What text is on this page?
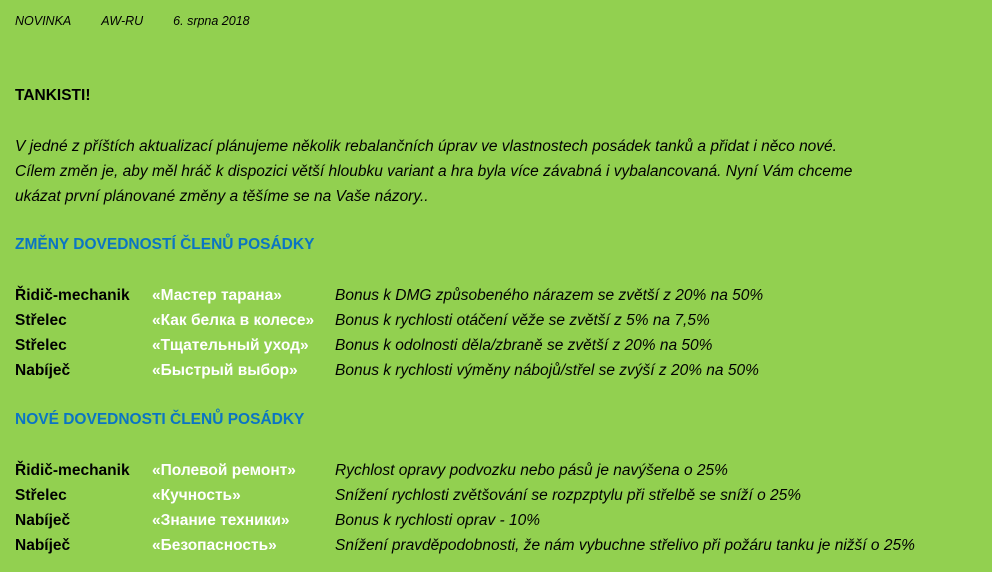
NOVINKA AW-RU 6. srpna 2018
TANKISTI!
V jedné z příštích aktualizací plánujeme několik rebalančních úprav ve vlastnostech posádek tanků a přidat i něco nové.
Cílem změn je, aby měl hráč k dispozici větší hloubku variant a hra byla více závabná i vybalancovaná. Nyní Vám chceme
ukázat první plánované změny a těšíme se na Vaše názory..
ZMĚNY DOVEDNOSTÍ ČLENŮ POSÁDKY
Řidič-mechanik «Мастер тарана»	Bonus k DMG způsobeného nárazem se zvětší z 20% na 50%
Střelec	«Как белка в колесе» Bonus k rychlosti otáčení věže se zvětší z 5% na 7,5%
Střelec	«Тщательный уход» Bonus k odolnosti děla/zbraně se zvětší z 20% na 50%
Nabíječ	«Быстрый выбор» Bonus k rychlosti výměny nábojů/střel se zvýší z 20% na 50%
NOVÉ DOVEDNOSTI ČLENŮ POSÁDKY
Řidič-mechanik «Полевой ремонт»	Rychlost opravy podvozku nebo pásů je navýšena o 25%
Střelec	«Кучность»	Snížení rychlosti zvětšování se rozpzptylu při střelbě se sníží o 25%
Nabíječ	«Знание техники»	Bonus k rychlosti oprav - 10%
Nabíječ	«Безопасность»	Snížení pravděpodobnosti, že nám vybuchne střelivo při požáru tanku je nižší o 25%
